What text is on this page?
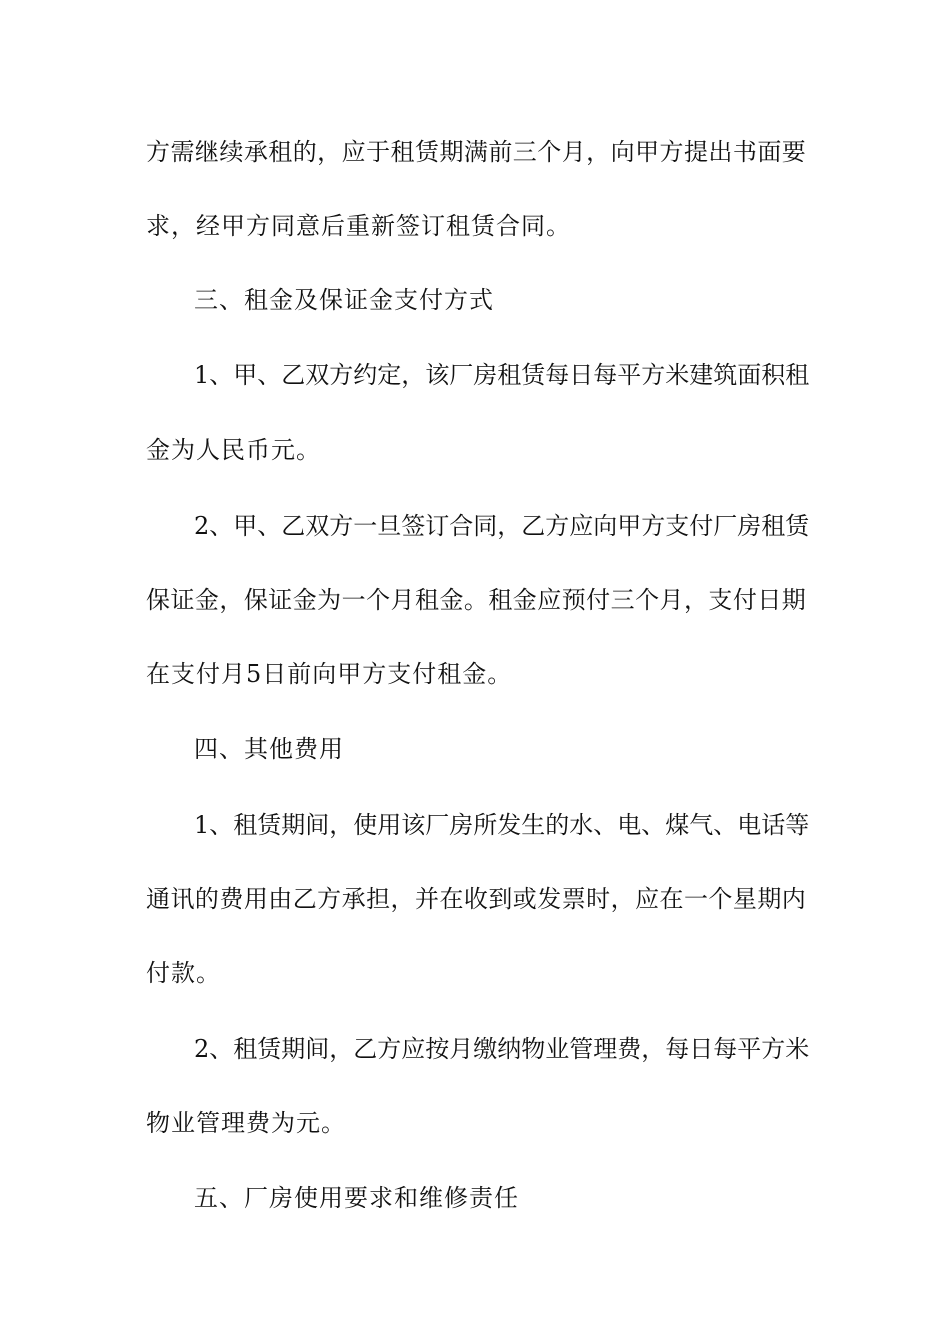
方 需 继 续 承 租 的 ， 应 于 租 赁 期 满 前 三 个 月 ， 向 甲 方 提 出 书 面 要
求，经甲方同意后重新签订租赁合同。
三、租金及保证金支付方式
1 、 甲 、 乙 双 方 约 定 ， 该 厂 房 租 赁 每 日 每 平 方 米 建 筑 面 积 租
金为人民币元。
2 、 甲 、 乙 双 方 一 旦 签 订 合 同 ， 乙 方 应 向 甲 方 支 付 厂 房 租 赁
保 证 金 ， 保 证 金 为 一 个 月 租 金 。 租 金 应 预 付 三 个 月 ， 支 付 日 期
在支付月5日前向甲方支付租金。
四、其他费用
1 、 租 赁 期 间 ， 使 用 该 厂 房 所 发 生 的 水 、 电 、 煤 气 、 电 话 等
通 讯 的 费 用 由 乙 方 承 担 ， 并 在 收 到 或 发 票 时 ， 应 在 一 个 星 期 内
付款。
2 、 租 赁 期 间 ， 乙 方 应 按 月 缴 纳 物 业 管 理 费 ， 每 日 每 平 方 米
物业管理费为元。
五、厂房使用要求和维修责任
